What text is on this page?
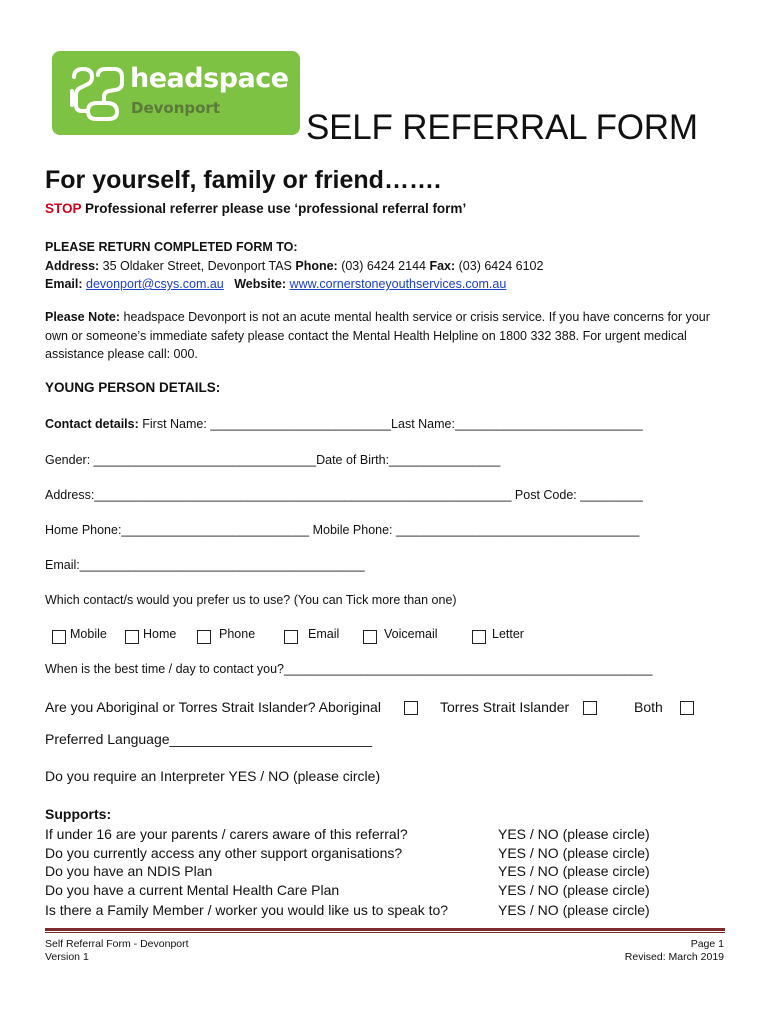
headspace
Devonport SELF REFERRAL FORM
For yourself, family or friend…….
STOP Professional referrer please use ‘professional referral form’
PLEASE RETURN COMPLETED FORM TO:
Address: 35 Oldaker Street, Devonport TAS Phone: (03) 6424 2144 Fax: (03) 6424 6102
Email: devonport@csys.com.au Website: www.cornerstoneyouthservices.com.au
Please Note: headspace Devonport is not an acute mental health service or crisis service. If you have concerns for your own or someone’s immediate safety please contact the Mental Health Helpline on 1800 332 388. For urgent medical assistance please call: 000.
YOUNG PERSON DETAILS:
Contact details: First Name: __________________________Last Name:___________________________
Gender: ________________________________Date of Birth:________________
Address:____________________________________________________________ Post Code: _________
Home Phone:___________________________ Mobile Phone: ___________________________________
Email:_________________________________________
Which contact/s would you prefer us to use? (You can Tick more than one)
Mobile	Home	Phone	Email	Voicemail	Letter
When is the best time / day to contact you?_____________________________________________________
Are you Aboriginal or Torres Strait Islander? Aboriginal	Torres Strait Islander	Both
Preferred Language__________________________
Do you require an Interpreter YES / NO (please circle)
Supports:
If under 16 are your parents / carers aware of this referral?	YES / NO (please circle)
Do you currently access any other support organisations?	YES / NO (please circle)
Do you have an NDIS Plan	YES / NO (please circle)
Do you have a current Mental Health Care Plan	YES / NO (please circle)
Is there a Family Member / worker you would like us to speak to?	YES / NO (please circle)
Self Referral Form - Devonport
Version 1
Page 1
Revised: March 2019
